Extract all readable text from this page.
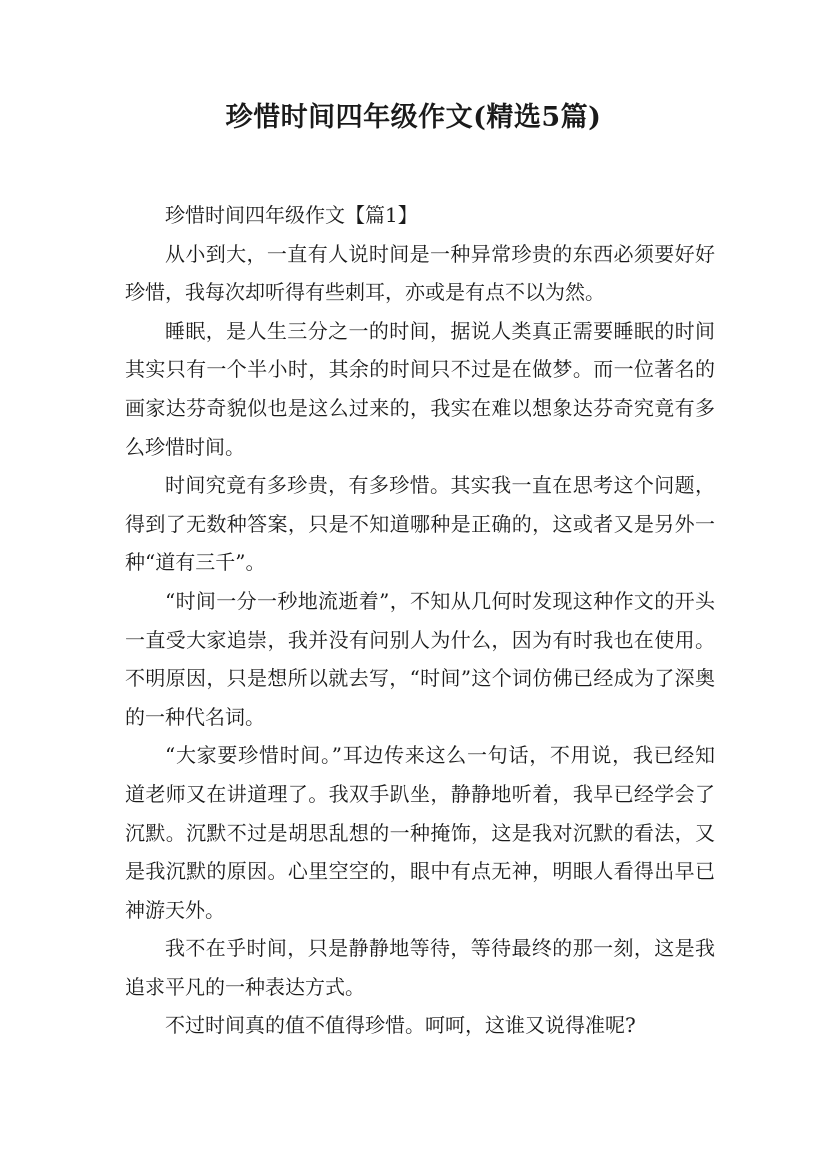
珍惜时间四年级作文(精选5篇)

珍惜时间四年级作文【篇1】

从小到大，一直有人说时间是一种异常珍贵的东西必须要好好珍惜，我每次却听得有些刺耳，亦或是有点不以为然。

睡眠，是人生三分之一的时间，据说人类真正需要睡眠的时间其实只有一个半小时，其余的时间只不过是在做梦。而一位著名的画家达芬奇貌似也是这么过来的，我实在难以想象达芬奇究竟有多么珍惜时间。

时间究竟有多珍贵，有多珍惜。其实我一直在思考这个问题，得到了无数种答案，只是不知道哪种是正确的，这或者又是另外一种“道有三千”。

“时间一分一秒地流逝着”，不知从几何时发现这种作文的开头一直受大家追崇，我并没有问别人为什么，因为有时我也在使用。不明原因，只是想所以就去写，“时间”这个词仿佛已经成为了深奥的一种代名词。

“大家要珍惜时间。”耳边传来这么一句话，不用说，我已经知道老师又在讲道理了。我双手趴坐，静静地听着，我早已经学会了沉默。沉默不过是胡思乱想的一种掩饰，这是我对沉默的看法，又是我沉默的原因。心里空空的，眼中有点无神，明眼人看得出早已神游天外。

我不在乎时间，只是静静地等待，等待最终的那一刻，这是我追求平凡的一种表达方式。

不过时间真的值不值得珍惜。呵呵，这谁又说得准呢?
